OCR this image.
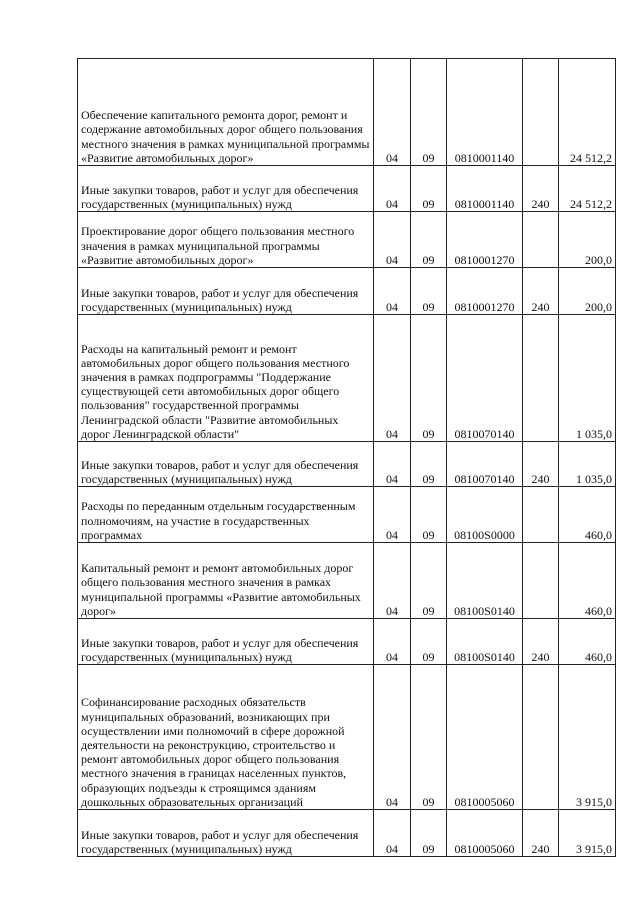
Обеспечение капитального ремонта дорог, ремонт и содержание автомобильных дорог общего пользования местного значения в рамках муниципальной программы «Развитие автомобильных дорог»	04	09	0810001140		24 512,2
Иные закупки товаров, работ и услуг для обеспечения государственных (муниципальных) нужд	04	09	0810001140	240	24 512,2
Проектирование дорог общего пользования местного значения в рамках муниципальной программы «Развитие автомобильных дорог»	04	09	0810001270		200,0
Иные закупки товаров, работ и услуг для обеспечения государственных (муниципальных) нужд	04	09	0810001270	240	200,0
Расходы на капитальный ремонт и ремонт автомобильных дорог общего пользования местного значения в рамках подпрограммы "Поддержание существующей сети автомобильных дорог общего пользования" государственной программы Ленинградской области "Развитие автомобильных дорог Ленинградской области"	04	09	0810070140		1 035,0
Иные закупки товаров, работ и услуг для обеспечения государственных (муниципальных) нужд	04	09	0810070140	240	1 035,0
Расходы по переданным отдельным государственным полномочиям, на участие в государственных программах	04	09	08100S0000		460,0
Капитальный ремонт и ремонт автомобильных дорог общего пользования местного значения в рамках муниципальной программы «Развитие автомобильных дорог»	04	09	08100S0140		460,0
Иные закупки товаров, работ и услуг для обеспечения государственных (муниципальных) нужд	04	09	08100S0140	240	460,0
Софинансирование расходных обязательств муниципальных образований, возникающих при осуществлении ими полномочий в сфере дорожной деятельности на реконструкцию, строительство и ремонт автомобильных дорог общего пользования местного значения в границах населенных пунктов, образующих подъезды к строящимся зданиям дошкольных образовательных организаций	04	09	0810005060		3 915,0
Иные закупки товаров, работ и услуг для обеспечения государственных (муниципальных) нужд	04	09	0810005060	240	3 915,0
